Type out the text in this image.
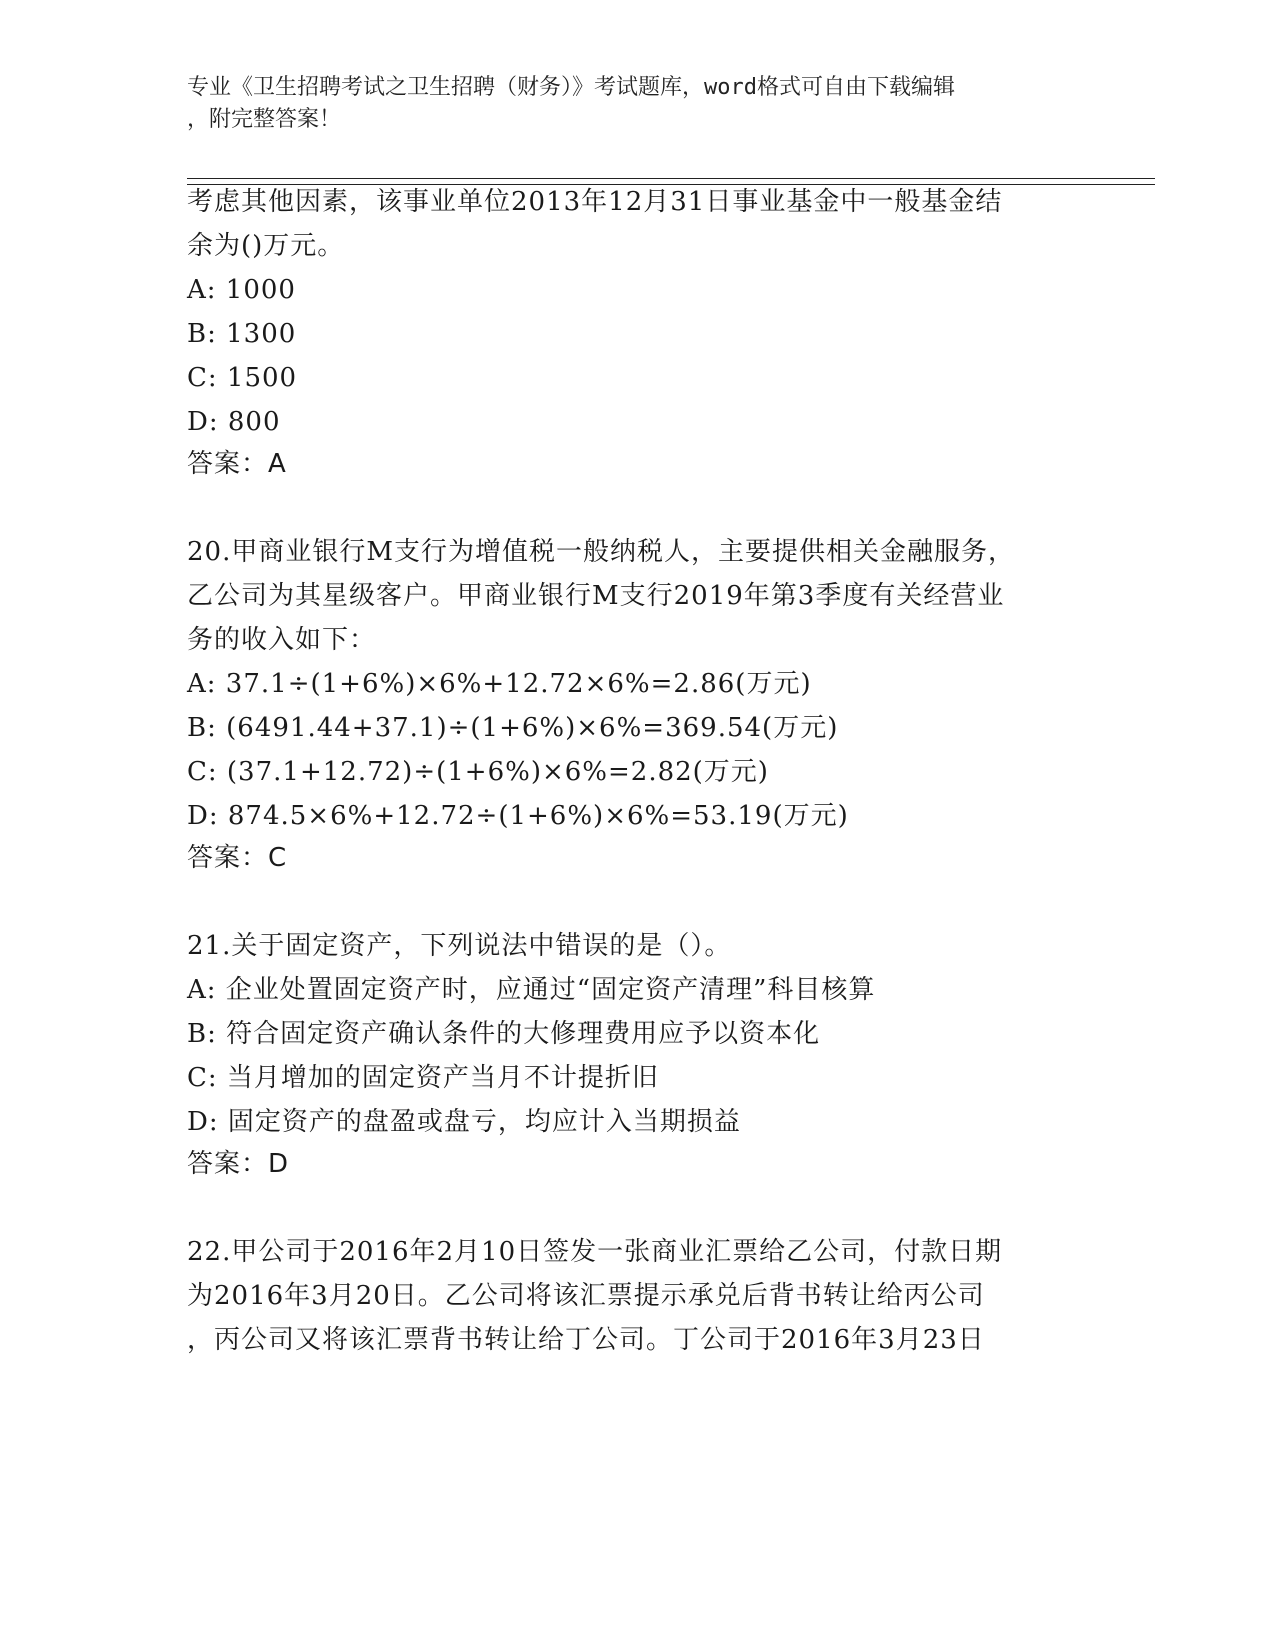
专业《卫生招聘考试之卫生招聘（财务）》考试题库，word格式可自由下载编辑
，附完整答案！
考虑其他因素，该事业单位2013年12月31日事业基金中一般基金结
余为()万元。
A: 1000
B: 1300
C: 1500
D: 800
答案：A
20.甲商业银行M支行为增值税一般纳税人，主要提供相关金融服务，
乙公司为其星级客户。甲商业银行M支行2019年第3季度有关经营业
务的收入如下：
A: 37.1÷(1+6%)×6%+12.72×6%=2.86(万元)
B: (6491.44+37.1)÷(1+6%)×6%=369.54(万元)
C: (37.1+12.72)÷(1+6%)×6%=2.82(万元)
D: 874.5×6%+12.72÷(1+6%)×6%=53.19(万元)
答案：C
21.关于固定资产，下列说法中错误的是（）。
A: 企业处置固定资产时，应通过“固定资产清理”科目核算
B: 符合固定资产确认条件的大修理费用应予以资本化
C: 当月增加的固定资产当月不计提折旧
D: 固定资产的盘盈或盘亏，均应计入当期损益
答案：D
22.甲公司于2016年2月10日签发一张商业汇票给乙公司，付款日期
为2016年3月20日。乙公司将该汇票提示承兑后背书转让给丙公司
，丙公司又将该汇票背书转让给丁公司。丁公司于2016年3月23日
